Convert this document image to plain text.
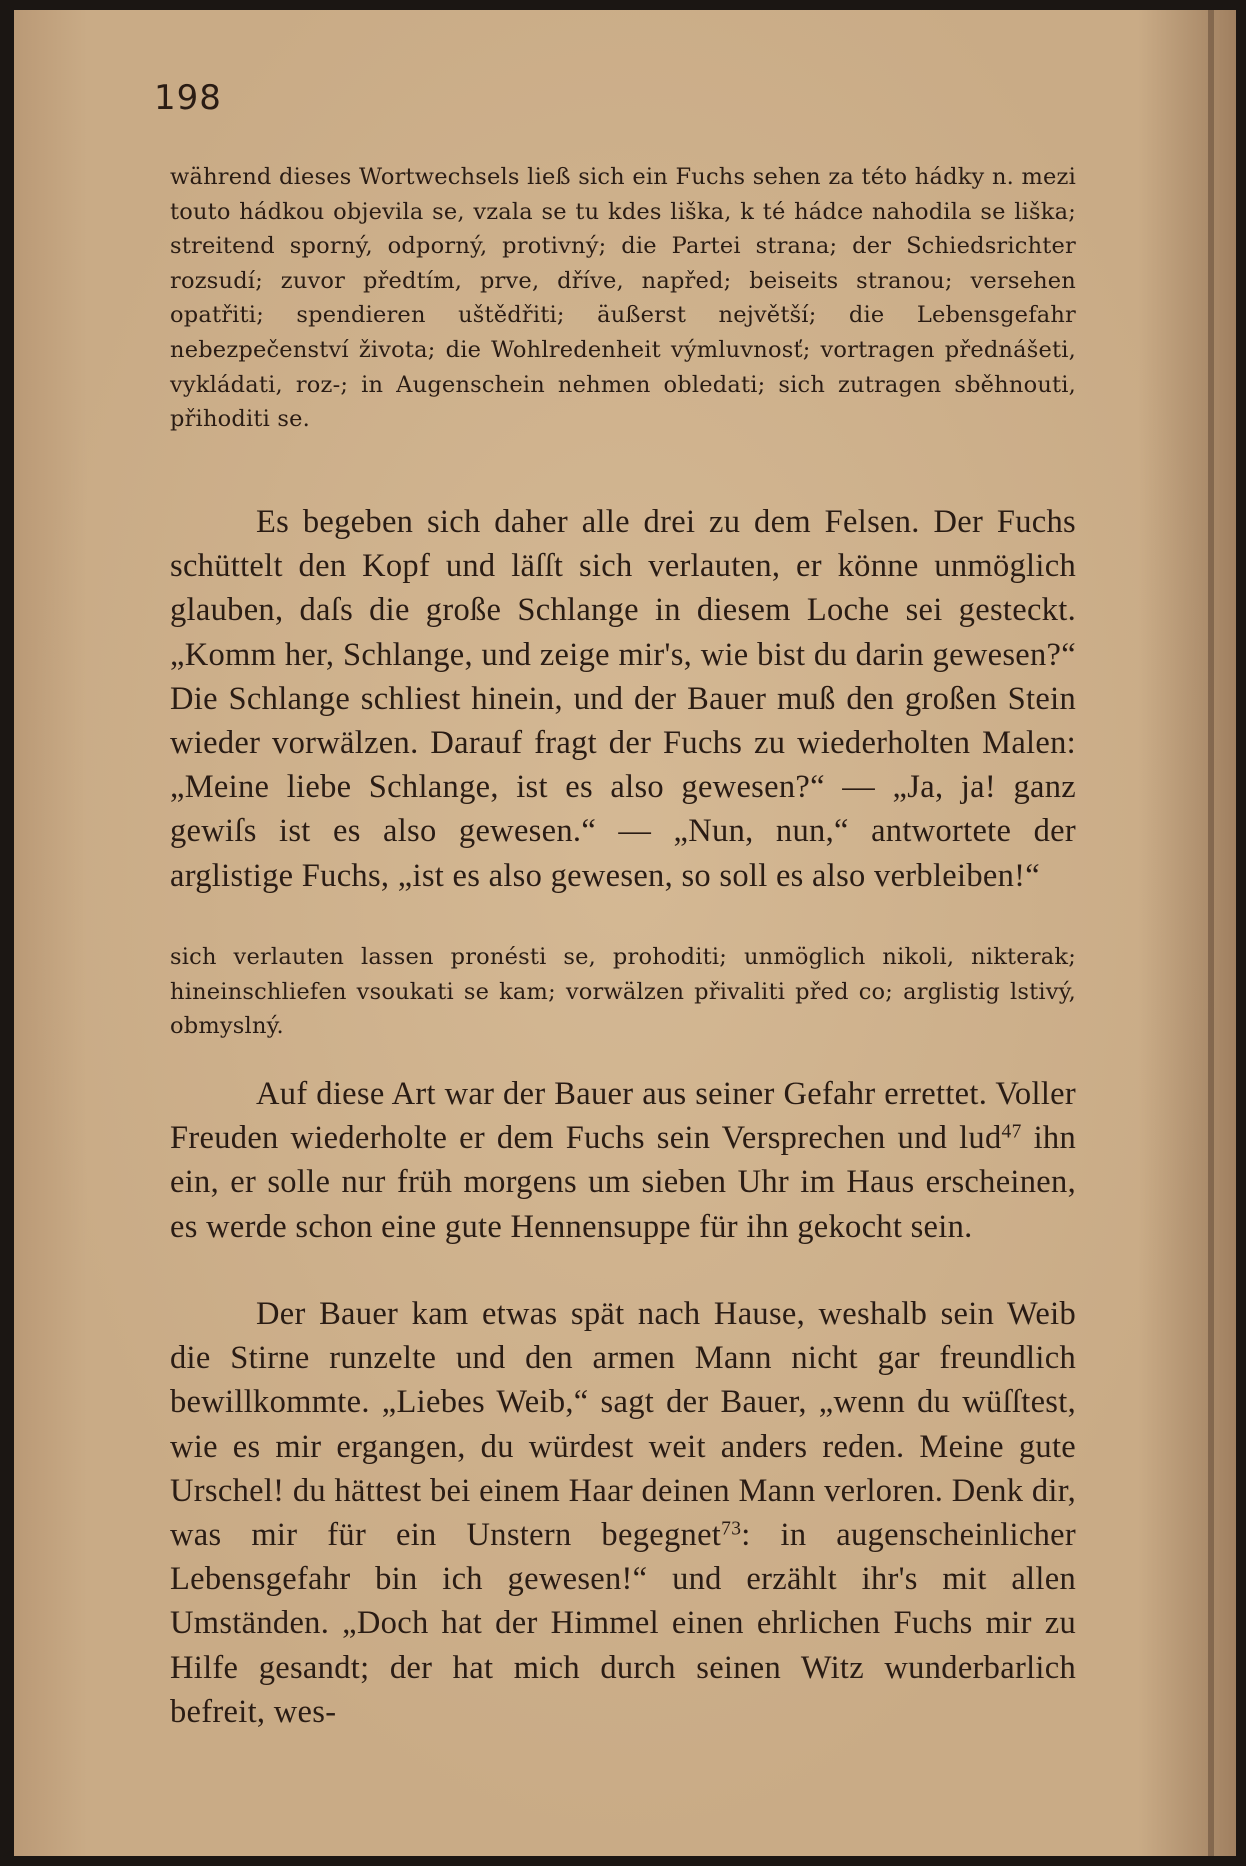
198

während dieses Wortwechsels ließ sich ein Fuchs sehen za této hádky n. mezi touto hádkou objevila se, vzala se tu kdes liška, k té hádce nahodila se liška; streitend sporný, odporný, protivný; die Partei strana; der Schiedsrichter rozsudí; zuvor předtím, prve, dříve, napřed; beiseits stranou; versehen opatřiti; spendieren uštědřiti; äußerst největší; die Lebensgefahr nebezpečenství života; die Wohlredenheit výmluvnosť; vortragen přednášeti, vykládati, roz-; in Augenschein nehmen obledati; sich zutragen sběhnouti, přihoditi se.

Es begeben sich daher alle drei zu dem Felsen. Der Fuchs schüttelt den Kopf und läſſt sich verlauten, er könne unmöglich glauben, daſs die große Schlange in diesem Loche sei gesteckt. „Komm her, Schlange, und zeige mir's, wie bist du darin gewesen?“ Die Schlange schliest hinein, und der Bauer muß den großen Stein wieder vorwälzen. Darauf fragt der Fuchs zu wiederholten Malen: „Meine liebe Schlange, ist es also gewesen?“ — „Ja, ja! ganz gewiſs ist es also gewesen.“ — „Nun, nun,“ antwortete der arglistige Fuchs, „ist es also gewesen, so soll es also verbleiben!“

sich verlauten lassen pronésti se, prohoditi; unmöglich nikoli, nikterak; hineinschliefen vsoukati se kam; vorwälzen přivaliti před co; arglistig lstivý, obmyslný.

Auf diese Art war der Bauer aus seiner Gefahr errettet. Voller Freuden wiederholte er dem Fuchs sein Versprechen und lud$^{47}$ ihn ein, er solle nur früh morgens um sieben Uhr im Haus erscheinen, es werde schon eine gute Hennensuppe für ihn gekocht sein.

Der Bauer kam etwas spät nach Hause, weshalb sein Weib die Stirne runzelte und den armen Mann nicht gar freundlich bewillkommte. „Liebes Weib,“ sagt der Bauer, „wenn du wüſſtest, wie es mir ergangen, du würdest weit anders reden. Meine gute Urschel! du hättest bei einem Haar deinen Mann verloren. Denk dir, was mir für ein Unstern begegnet$^{73}$: in augenscheinlicher Lebensgefahr bin ich gewesen!“ und erzählt ihr's mit allen Umständen. „Doch hat der Himmel einen ehrlichen Fuchs mir zu Hilfe gesandt; der hat mich durch seinen Witz wunderbarlich befreit, wes-
